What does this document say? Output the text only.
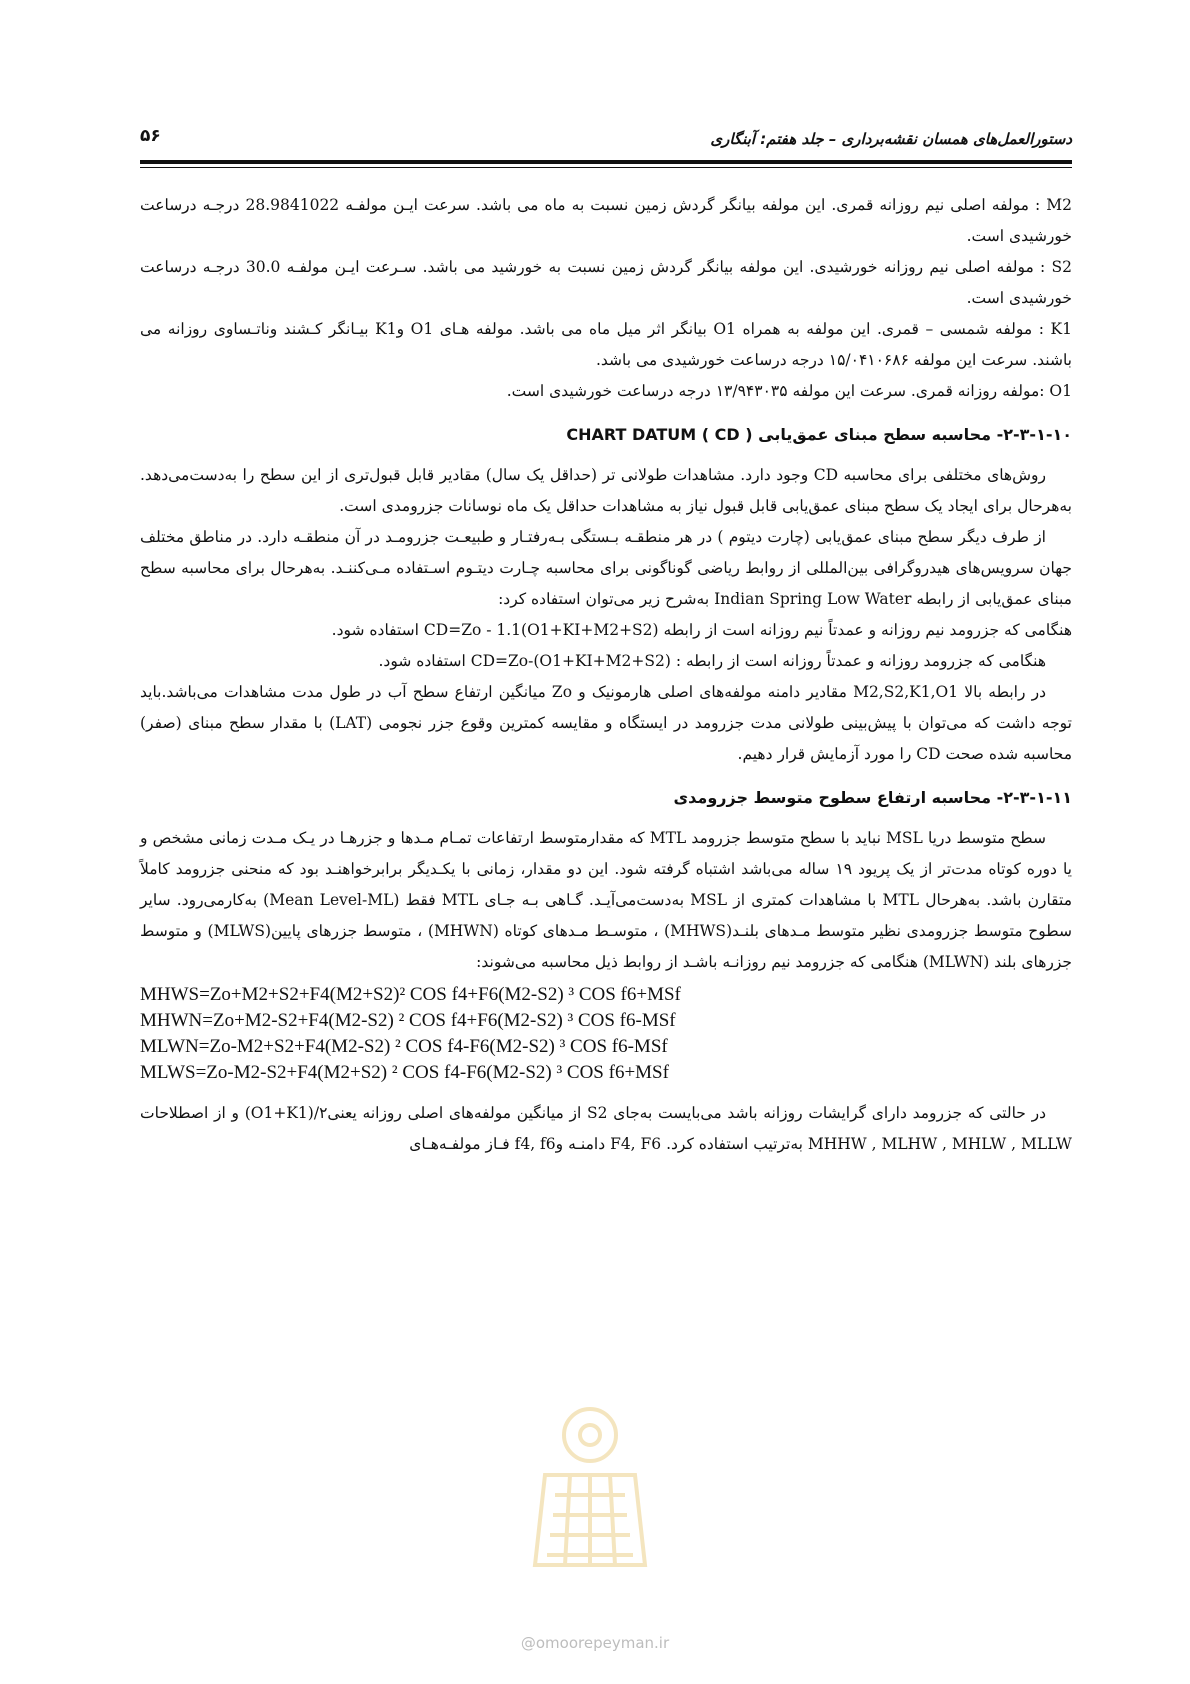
دستورالعمل‌های همسان نقشه‌برداری – جلد هفتم: آبنگاری
۵۶

M2 : مولفه اصلی نیم روزانه قمری. این مولفه بیانگر گردش زمین نسبت به ماه می باشد. سرعت ایـن مولفـه 28.9841022 درجـه درساعت خورشیدی است.

S2 : مولفه اصلی نیم روزانه خورشیدی. این مولفه بیانگر گردش زمین نسبت به خورشید می باشد. سـرعت ایـن مولفـه 30.0 درجـه درساعت خورشیدی است.

K1 : مولفه شمسی – قمری. این مولفه به همراه O1 بیانگر اثر میل ماه می باشد. مولفه هـای O1 وK1 بیـانگر کـشند وناتـساوی روزانه می باشند. سرعت این مولفه ۱۵/۰۴۱۰۶۸۶ درجه درساعت خورشیدی می باشد.

O1 :مولفه روزانه قمری. سرعت این مولفه ۱۳/۹۴۳۰۳۵ درجه درساعت خورشیدی است.

۲-۳-۱-۱۰- محاسبه سطح مبنای عمق‌یابی ( CHART DATUM ( CD

روش‌های مختلفی برای محاسبه CD وجود دارد. مشاهدات طولانی تر (حداقل یک سال) مقادیر قابل قبول‌تری از این سطح را به‌دست‌می‌دهد. به‌هرحال برای ایجاد یک سطح مبنای عمق‌یابی قابل قبول نیاز به مشاهدات حداقل یک ماه نوسانات جزرومدی است.

از طرف دیگر سطح مبنای عمق‌یابی (چارت دیتوم ) در هر منطقـه بـستگی بـه‌رفتـار و طبیعـت جزرومـد در آن منطقـه دارد. در مناطق مختلف جهان سرویس‌های هیدروگرافی بین‌المللی از روابط ریاضی گوناگونی برای محاسبه چـارت دیتـوم اسـتفاده مـی‌کننـد. به‌هرحال برای محاسبه سطح مبنای عمق‌یابی از رابطه Indian Spring Low Water به‌شرح زیر می‌توان استفاده کرد:

هنگامی که جزرومد نیم روزانه و عمدتاً نیم روزانه است از رابطه (CD=Zo - 1.1(O1+KI+M2+S2 استفاده شود.

هنگامی که جزرومد روزانه و عمدتاً روزانه است از رابطه : (CD=Zo-(O1+KI+M2+S2 استفاده شود.

در رابطه بالا M2,S2,K1,O1 مقادیر دامنه مولفه‌های اصلی هارمونیک و Zo میانگین ارتفاع سطح آب در طول مدت مشاهدات می‌باشد.باید توجه داشت که می‌توان با پیش‌بینی طولانی مدت جزرومد در ایستگاه و مقایسه کمترین وقوع جزر نجومی (LAT) با مقدار سطح مبنای (صفر) محاسبه شده صحت CD را مورد آزمایش قرار دهیم.

۲-۳-۱-۱۱- محاسبه ارتفاع سطوح متوسط جزرومدی

سطح متوسط دریا MSL نباید با سطح متوسط جزرومد MTL که مقدارمتوسط ارتفاعات تمـام مـدها و جزرهـا در یـک مـدت زمانی مشخص و یا دوره کوتاه مدت‌تر از یک پریود ۱۹ ساله می‌باشد اشتباه گرفته شود. این دو مقدار، زمانی با یکـدیگر برابرخواهنـد بود که منحنی جزرومد کاملاً متقارن باشد. به‌هرحال MTL با مشاهدات کمتری از MSL به‌دست‌می‌آیـد. گـاهی بـه جـای MTL فقط (Mean Level-ML) به‌کارمی‌رود. سایر سطوح متوسط جزرومدی نظیر متوسط مـدهای بلنـد(MHWS) ، متوسـط مـدهای کوتاه (MHWN) ، متوسط جزرهای پایین(MLWS) و متوسط جزرهای بلند (MLWN) هنگامی که جزرومد نیم روزانـه باشـد از روابط ذیل محاسبه می‌شوند:

MHWS=Zo+M2+S2+F4(M2+S2)² COS f4+F6(M2-S2) ³ COS f6+MSf
MHWN=Zo+M2-S2+F4(M2-S2) ² COS f4+F6(M2-S2) ³ COS f6-MSf
MLWN=Zo-M2+S2+F4(M2-S2) ² COS f4-F6(M2-S2) ³ COS f6-MSf
MLWS=Zo-M2-S2+F4(M2+S2) ² COS f4-F6(M2-S2) ³ COS f6+MSf

در حالتی که جزرومد دارای گرایشات روزانه باشد می‌بایست به‌جای S2 از میانگین مولفه‌های اصلی روزانه یعنی۲/(O1+K1) و از اصطلاحات MHHW , MLHW , MHLW , MLLW به‌ترتیب استفاده کرد. F4, F6 دامنـه وf4, f6 فـاز مولفـه‌هـای

@omoorepeyman.ir
